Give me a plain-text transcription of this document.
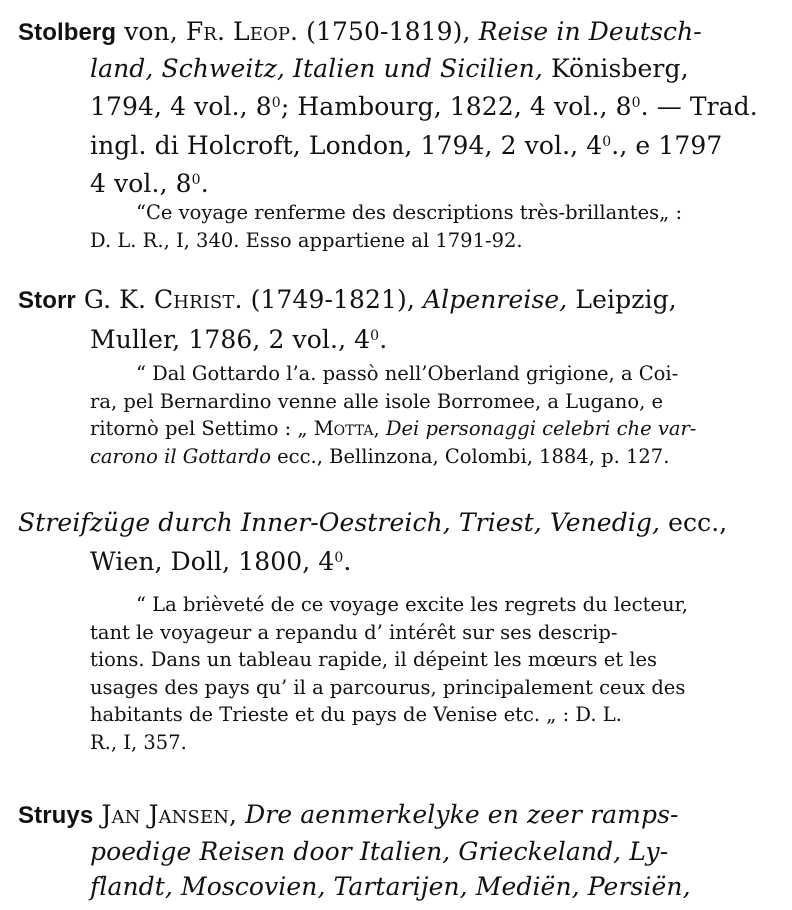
Stolberg von, Fr. Leop. (1750-1819), Reise in Deutsch-
land, Schweitz, Italien und Sicilien, Könisberg,
1794, 4 vol., $8^0$; Hambourg, 1822, 4 vol., $8^0$. — Trad.
ingl. di Holcroft, London, 1794, 2 vol., $4^0$., e 1797
4 vol., $8^0$.
“Ce voyage renferme des descriptions très-brillantes„ :
D. L. R., I, 340. Esso appartiene al 1791-92.
Storr G. K. Christ. (1749-1821), Alpenreise, Leipzig,
Muller, 1786, 2 vol., $4^0$.
“ Dal Gottardo l’a. passò nell’Oberland grigione, a Coi-
ra, pel Bernardino venne alle isole Borromee, a Lugano, e
ritornò pel Settimo : „ Motta, Dei personaggi celebri che var-
carono il Gottardo ecc., Bellinzona, Colombi, 1884, p. 127.
Streifzüge durch Inner-Oestreich, Triest, Venedig, ecc.,
Wien, Doll, 1800, $4^0$.
“ La brièveté de ce voyage excite les regrets du lecteur,
tant le voyageur a repandu d’ intérêt sur ses descrip-
tions. Dans un tableau rapide, il dépeint les mœurs et les
usages des pays qu’ il a parcourus, principalement ceux des
habitants de Trieste et du pays de Venise etc. „ : D. L.
R., I, 357.
Struys Jan Jansen, Dre aenmerkelyke en zeer ramps-
poedige Reisen door Italien, Grieckeland, Ly-
flandt, Moscovien, Tartarijen, Mediën, Persiën,
